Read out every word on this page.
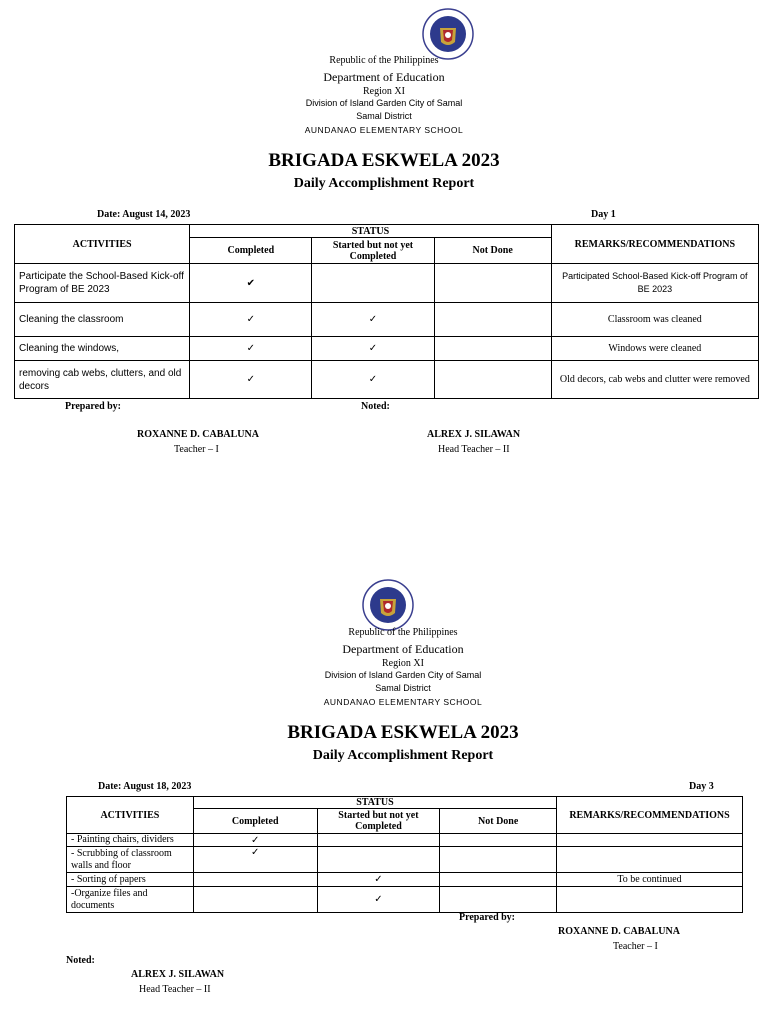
Republic of the Philippines
Department of Education
Region XI
Division of Island Garden City of Samal
Samal District
AUNDANAO ELEMENTARY SCHOOL
BRIGADA ESKWELA 2023
Daily Accomplishment Report
Date: August 14, 2023	Day 1
ACTIVITIES	STATUS			REMARKS/RECOMMENDATIONS
	Completed	Started but not yet Completed	Not Done	
Participate the School-Based Kick-off Program of BE 2023	✔			Participated School-Based Kick-off Program of BE 2023
Cleaning the classroom	✓	✓		Classroom was cleaned
Cleaning the windows,	✓	✓		Windows were cleaned
removing cab webs, clutters, and old decors	✓	✓		Old decors, cab webs and clutter were removed
Prepared by:	Noted:
ROXANNE D. CABALUNA
Teacher – I
ALREX J. SILAWAN
Head Teacher – II
Republic of the Philippines
Department of Education
Region XI
Division of Island Garden City of Samal
Samal District
AUNDANAO ELEMENTARY SCHOOL
BRIGADA ESKWELA 2023
Daily Accomplishment Report
Date: August 18, 2023	Day 3
ACTIVITIES	STATUS			REMARKS/RECOMMENDATIONS
	Completed	Started but not yet Completed	Not Done	
- Painting chairs, dividers	✓			
- Scrubbing of classroom walls and floor	✓			
- Sorting of papers		✓		To be continued
-Organize files and documents		✓		
Prepared by:
ROXANNE D. CABALUNA
Teacher – I
Noted:
ALREX J. SILAWAN
Head Teacher – II
